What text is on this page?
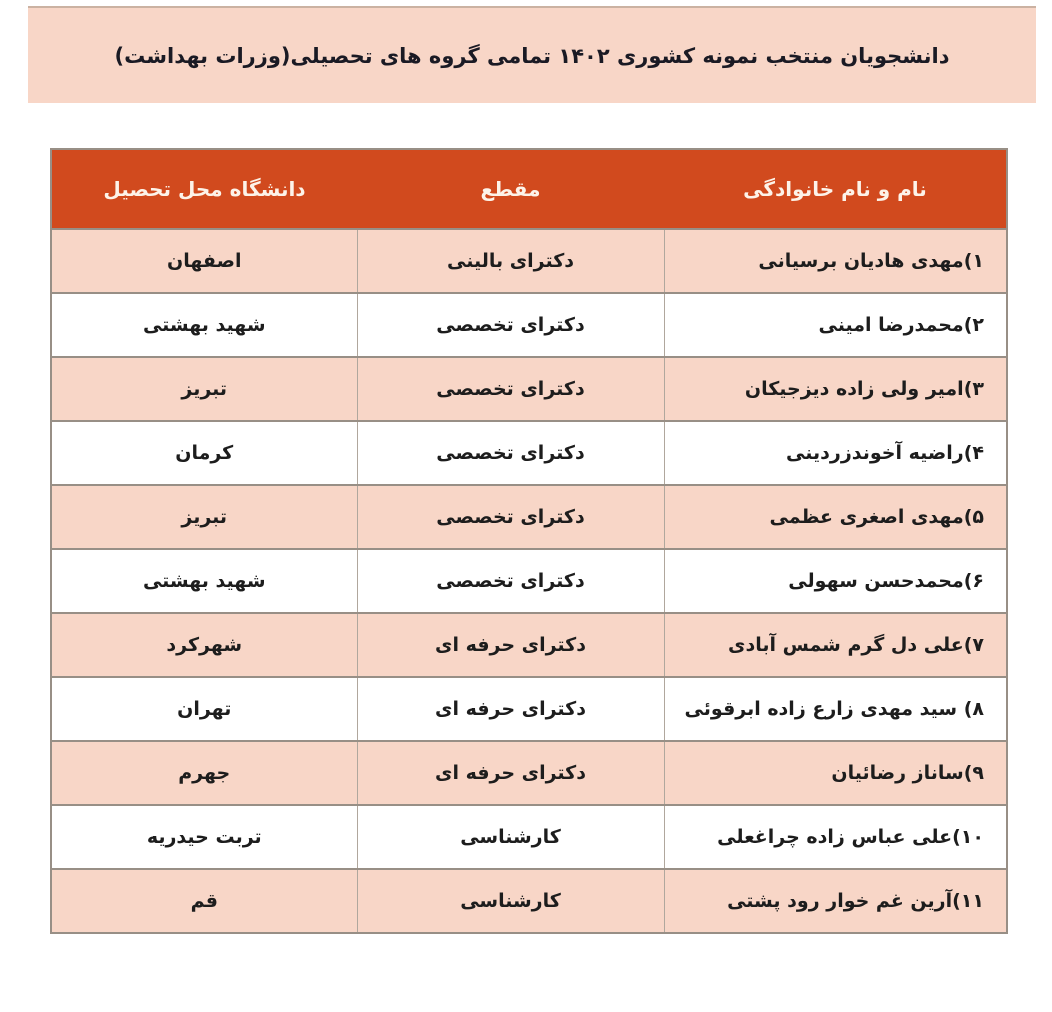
دانشجویان منتخب نمونه کشوری ۱۴۰۲ تمامی گروه های تحصیلی(وزرات بهداشت)
نام و نام خانوادگی	مقطع	دانشگاه محل تحصیل
۱)مهدی هادیان برسیانی	دکترای بالینی	اصفهان
۲)محمدرضا امینی	دکترای تخصصی	شهید بهشتی
۳)امیر ولی زاده دیزجیکان	دکترای تخصصی	تبریز
۴)راضیه آخوندزردینی	دکترای تخصصی	کرمان
۵)مهدی اصغری عظمی	دکترای تخصصی	تبریز
۶)محمدحسن سهولی	دکترای تخصصی	شهید بهشتی
۷)علی دل گرم شمس آبادی	دکترای حرفه ای	شهرکرد
۸) سید مهدی زارع زاده ابرقوئی	دکترای حرفه ای	تهران
۹)ساناز رضائیان	دکترای حرفه ای	جهرم
۱۰)علی عباس زاده چراغعلی	کارشناسی	تربت حیدریه
۱۱)آرین غم خوار رود پشتی	کارشناسی	قم
